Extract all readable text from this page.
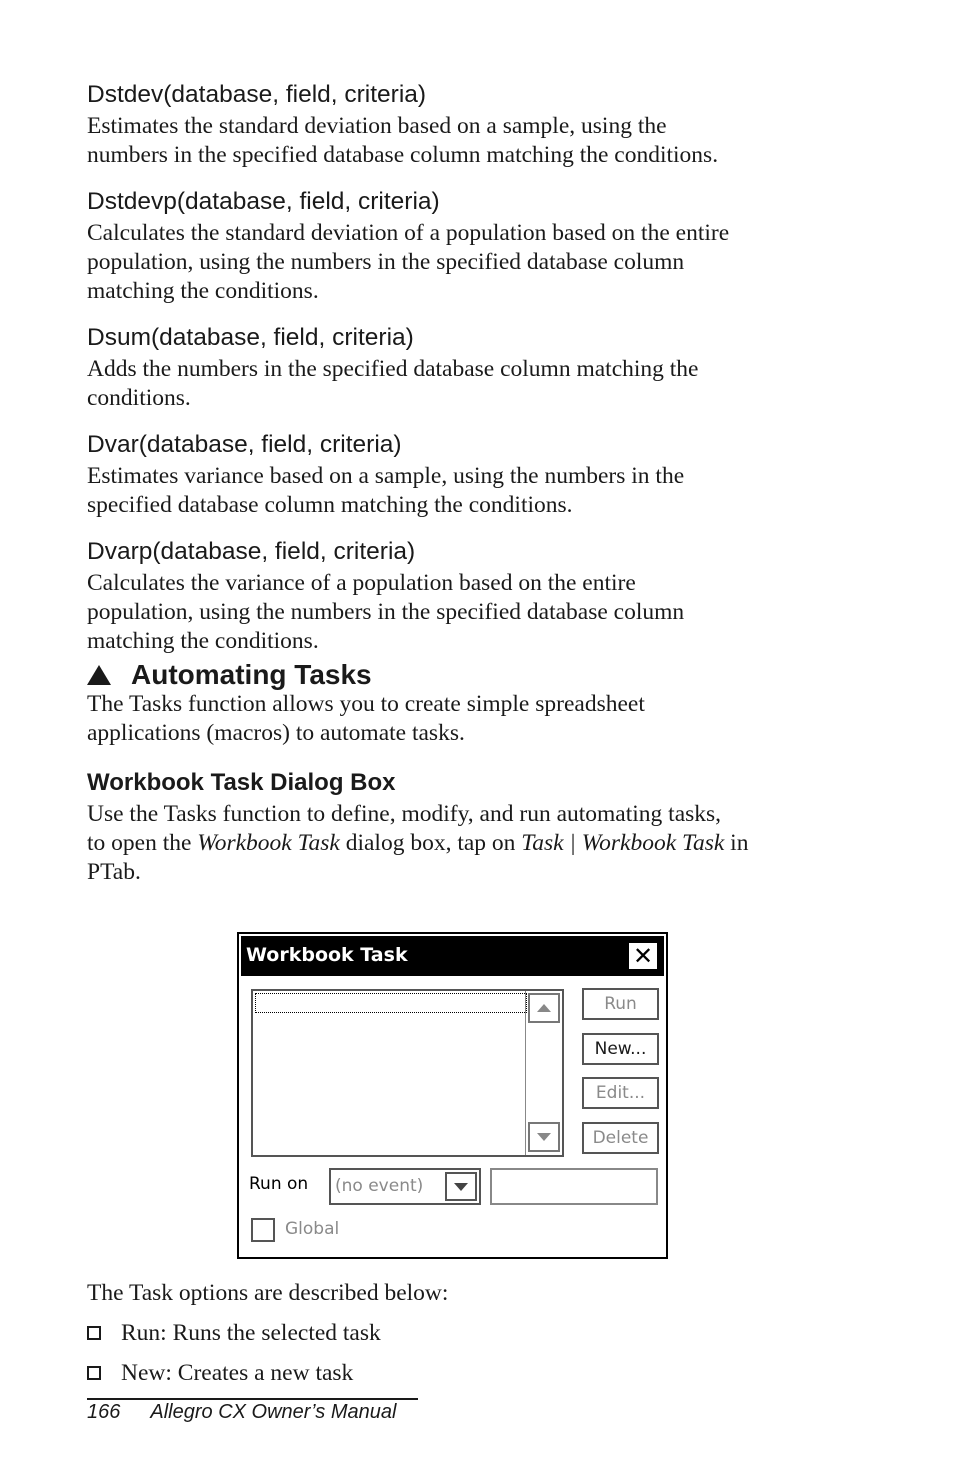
Dstdev(database, field, criteria)

Estimates the standard deviation based on a sample, using the
numbers in the specified database column matching the conditions.

Dstdevp(database, field, criteria)

Calculates the standard deviation of a population based on the entire
population, using the numbers in the specified database column
matching the conditions.

Dsum(database, field, criteria)

Adds the numbers in the specified database column matching the
conditions.

Dvar(database, field, criteria)

Estimates variance based on a sample, using the numbers in the
specified database column matching the conditions.

Dvarp(database, field, criteria)

Calculates the variance of a population based on the entire
population, using the numbers in the specified database column
matching the conditions.

Automating Tasks

The Tasks function allows you to create simple spreadsheet
applications (macros) to automate tasks.

Workbook Task Dialog Box

Use the Tasks function to define, modify, and run automating tasks,
to open the Workbook Task dialog box, tap on Task | Workbook Task in
PTab.

Workbook Task	✕
Run
New...
Edit...
Delete
Run on (no event)
Global
The Task options are described below:
Run: Runs the selected task
New: Creates a new task
166 Allegro CX Owner’s Manual
